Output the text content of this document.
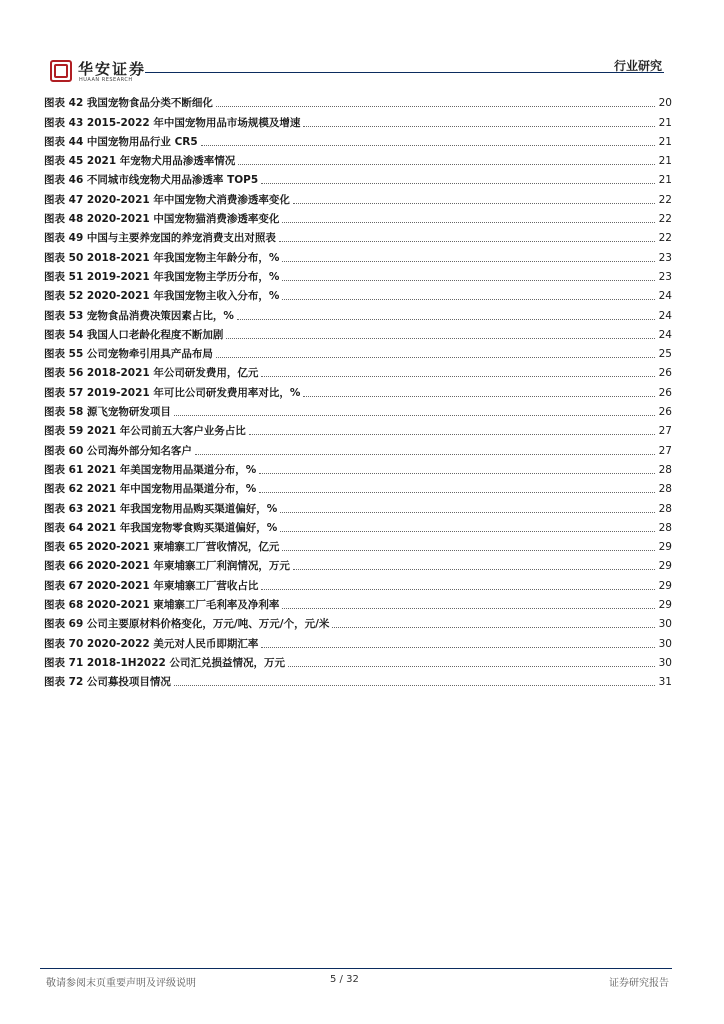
华安证券
HUAAN RESEARCH
行业研究
图表 42 我国宠物食品分类不断细化	20
图表 43 2015-2022 年中国宠物用品市场规模及增速	21
图表 44 中国宠物用品行业 CR5	21
图表 45 2021 年宠物犬用品渗透率情况	21
图表 46 不同城市线宠物犬用品渗透率 TOP5	21
图表 47 2020-2021 年中国宠物犬消费渗透率变化	22
图表 48 2020-2021 中国宠物猫消费渗透率变化	22
图表 49 中国与主要养宠国的养宠消费支出对照表	22
图表 50 2018-2021 年我国宠物主年龄分布，%	23
图表 51 2019-2021 年我国宠物主学历分布，%	23
图表 52 2020-2021 年我国宠物主收入分布，%	24
图表 53 宠物食品消费决策因素占比，%	24
图表 54 我国人口老龄化程度不断加剧	24
图表 55 公司宠物牵引用具产品布局	25
图表 56 2018-2021 年公司研发费用，亿元	26
图表 57 2019-2021 年可比公司研发费用率对比，%	26
图表 58 源飞宠物研发项目	26
图表 59 2021 年公司前五大客户业务占比	27
图表 60 公司海外部分知名客户	27
图表 61 2021 年美国宠物用品渠道分布，%	28
图表 62 2021 年中国宠物用品渠道分布，%	28
图表 63 2021 年我国宠物用品购买渠道偏好，%	28
图表 64 2021 年我国宠物零食购买渠道偏好，%	28
图表 65 2020-2021 柬埔寨工厂营收情况，亿元	29
图表 66 2020-2021 年柬埔寨工厂利润情况，万元	29
图表 67 2020-2021 年柬埔寨工厂营收占比	29
图表 68 2020-2021 柬埔寨工厂毛利率及净利率	29
图表 69 公司主要原材料价格变化，万元/吨、万元/个，元/米	30
图表 70 2020-2022 美元对人民币即期汇率	30
图表 71 2018-1H2022 公司汇兑损益情况，万元	30
图表 72 公司募投项目情况	31
敬请参阅末页重要声明及评级说明	5 / 32	证券研究报告
